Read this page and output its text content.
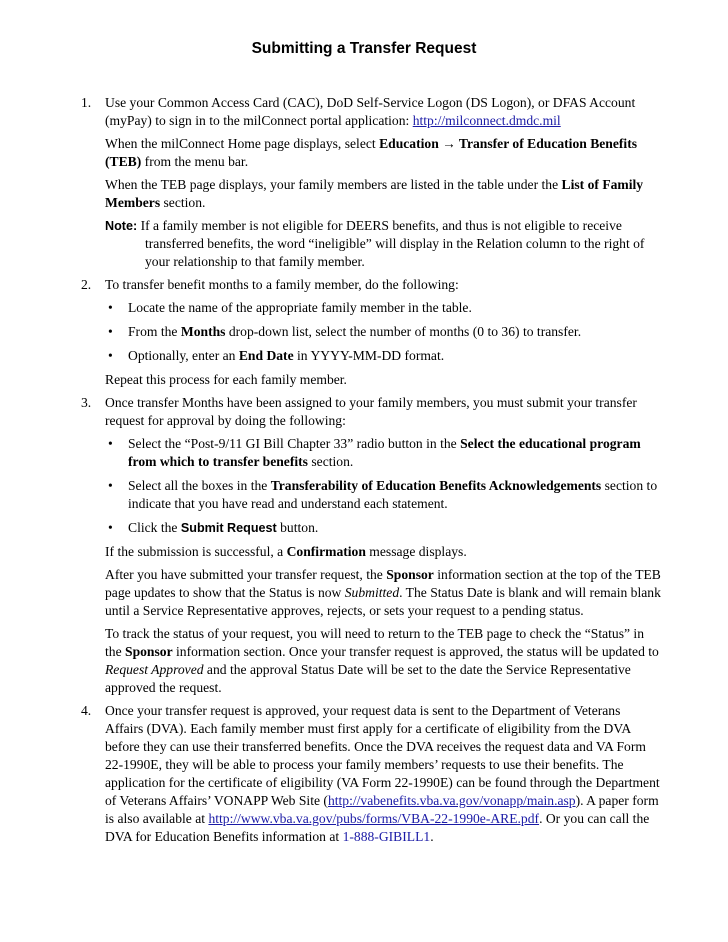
Submitting a Transfer Request
1.	Use your Common Access Card (CAC), DoD Self-Service Logon (DS Logon), or DFAS Account (myPay) to sign in to the milConnect portal application: http://milconnect.dmdc.mil
When the milConnect Home page displays, select Education → Transfer of Education Benefits (TEB) from the menu bar.
When the TEB page displays, your family members are listed in the table under the List of Family Members section.
Note: If a family member is not eligible for DEERS benefits, and thus is not eligible to receive transferred benefits, the word “ineligible” will display in the Relation column to the right of your relationship to that family member.
2.	To transfer benefit months to a family member, do the following:
• Locate the name of the appropriate family member in the table.
• From the Months drop-down list, select the number of months (0 to 36) to transfer.
• Optionally, enter an End Date in YYYY-MM-DD format.
Repeat this process for each family member.
3.	Once transfer Months have been assigned to your family members, you must submit your transfer request for approval by doing the following:
• Select the “Post-9/11 GI Bill Chapter 33” radio button in the Select the educational program from which to transfer benefits section.
• Select all the boxes in the Transferability of Education Benefits Acknowledgements section to indicate that you have read and understand each statement.
• Click the Submit Request button.
If the submission is successful, a Confirmation message displays.
After you have submitted your transfer request, the Sponsor information section at the top of the TEB page updates to show that the Status is now Submitted. The Status Date is blank and will remain blank until a Service Representative approves, rejects, or sets your request to a pending status.
To track the status of your request, you will need to return to the TEB page to check the “Status” in the Sponsor information section. Once your transfer request is approved, the status will be updated to Request Approved and the approval Status Date will be set to the date the Service Representative approved the request.
4.	Once your transfer request is approved, your request data is sent to the Department of Veterans Affairs (DVA). Each family member must first apply for a certificate of eligibility from the DVA before they can use their transferred benefits. Once the DVA receives the request data and VA Form 22-1990E, they will be able to process your family members’ requests to use their benefits. The application for the certificate of eligibility (VA Form 22-1990E) can be found through the Department of Veterans Affairs’ VONAPP Web Site (http://vabenefits.vba.va.gov/vonapp/main.asp). A paper form is also available at http://www.vba.va.gov/pubs/forms/VBA-22-1990e-ARE.pdf. Or you can call the DVA for Education Benefits information at 1-888-GIBILL1.
